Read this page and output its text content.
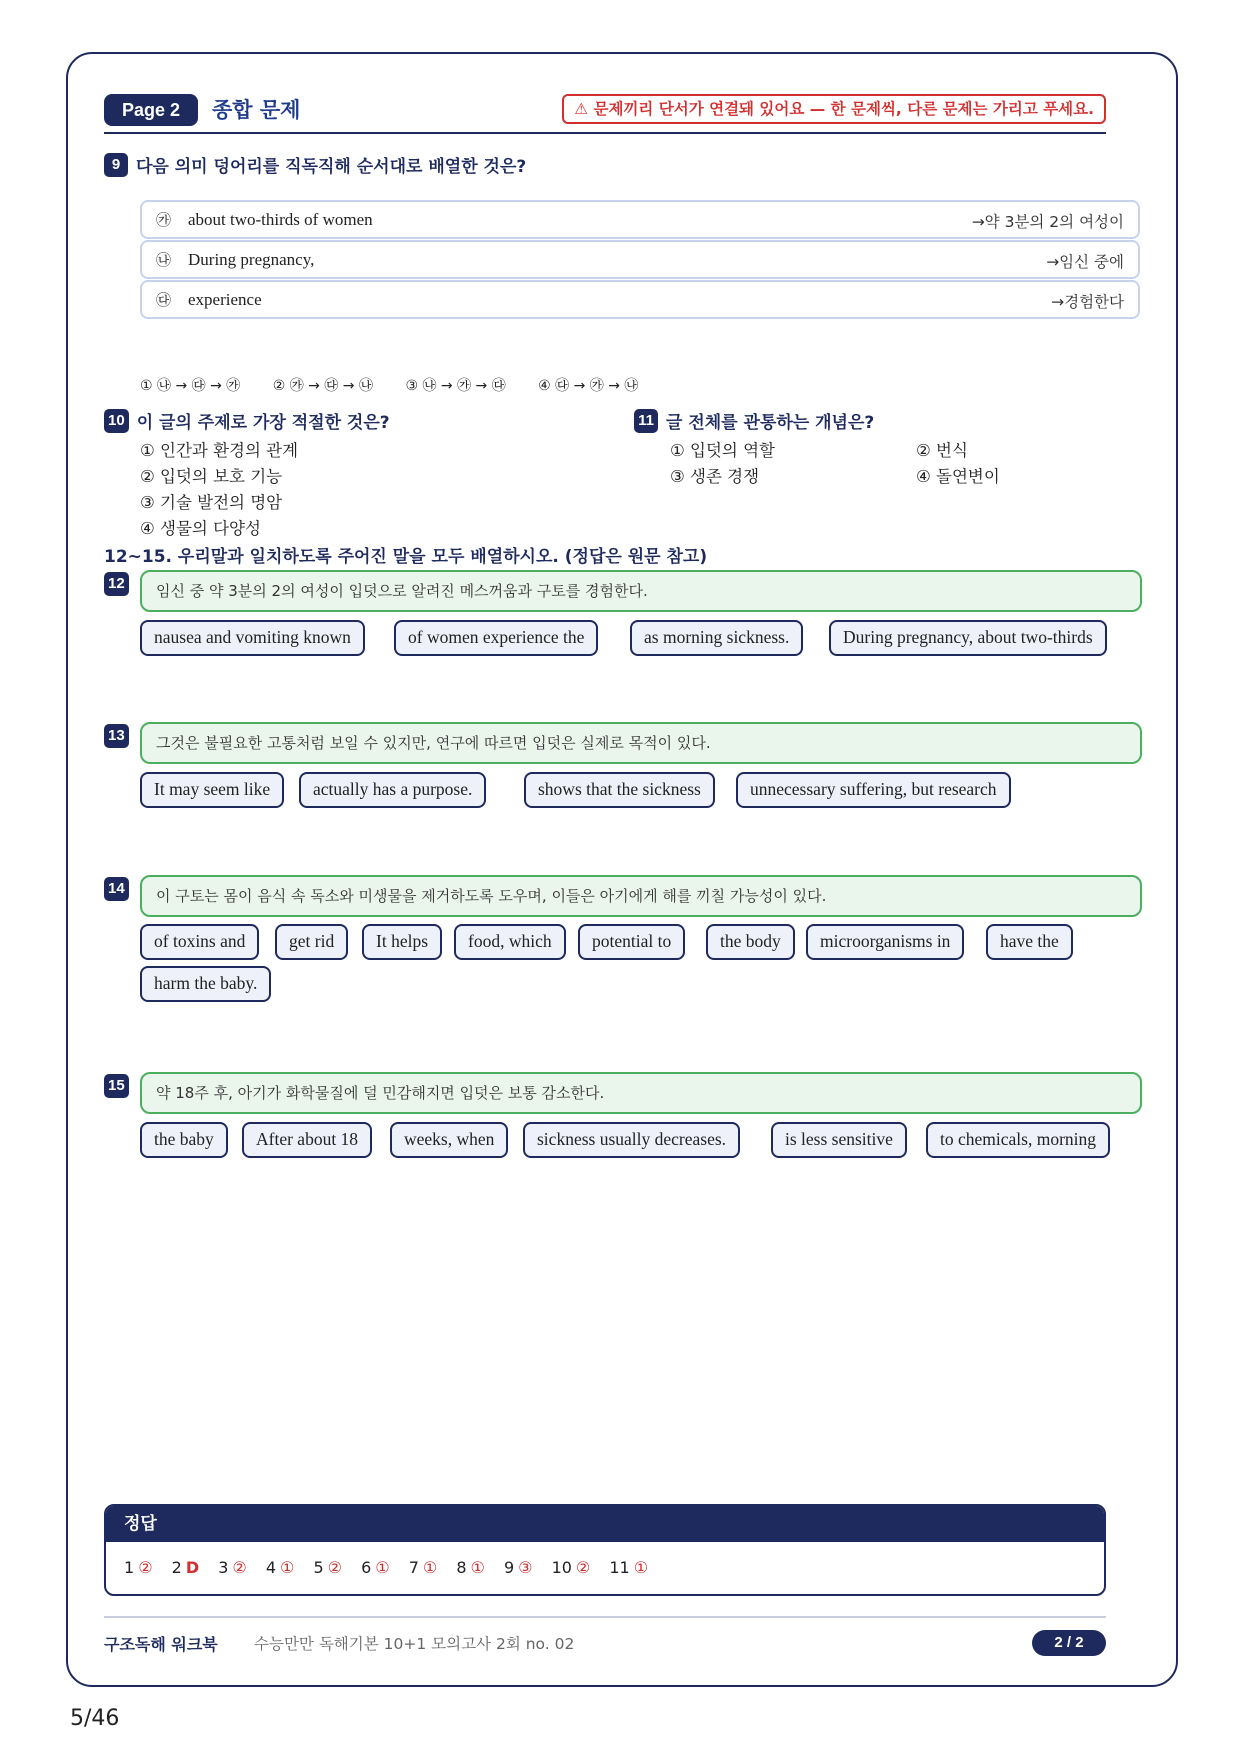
Page 2	종합 문제	⚠ 문제끼리 단서가 연결돼 있어요 — 한 문제씩, 다른 문제는 가리고 푸세요.
9 다음 의미 덩어리를 직독직해 순서대로 배열한 것은?
㉮ about two-thirds of women	→약 3분의 2의 여성이
㉯ During pregnancy,	→임신 중에
㉰ experience	→경험한다
① ㉯ → ㉰ → ㉮ ② ㉮ → ㉰ → ㉯ ③ ㉯ → ㉮ → ㉰ ④ ㉰ → ㉮ → ㉯
10 이 글의 주제로 가장 적절한 것은?
① 인간과 환경의 관계
② 입덧의 보호 기능
③ 기술 발전의 명암
④ 생물의 다양성
11 글 전체를 관통하는 개념은?
① 입덧의 역할	② 번식
③ 생존 경쟁	④ 돌연변이
12~15. 우리말과 일치하도록 주어진 말을 모두 배열하시오. (정답은 원문 참고)
12	임신 중 약 3분의 2의 여성이 입덧으로 알려진 메스꺼움과 구토를 경험한다.
nausea and vomiting known	of women experience the	as morning sickness.	During pregnancy, about two-thirds
13	그것은 불필요한 고통처럼 보일 수 있지만, 연구에 따르면 입덧은 실제로 목적이 있다.
It may seem like	actually has a purpose.	shows that the sickness	unnecessary suffering, but research
14	이 구토는 몸이 음식 속 독소와 미생물을 제거하도록 도우며, 이들은 아기에게 해를 끼칠 가능성이 있다.
of toxins and	get rid	It helps	food, which	potential to	the body	microorganisms in	have the
harm the baby.
15	약 18주 후, 아기가 화학물질에 덜 민감해지면 입덧은 보통 감소한다.
the baby	After about 18	weeks, when	sickness usually decreases.	is less sensitive	to chemicals, morning
정답
1 ② 2 D 3 ② 4 ① 5 ② 6 ① 7 ① 8 ① 9 ③ 10 ② 11 ①
구조독해 워크북 수능만만 독해기본 10+1 모의고사 2회 no. 02	2 / 2
5/46
